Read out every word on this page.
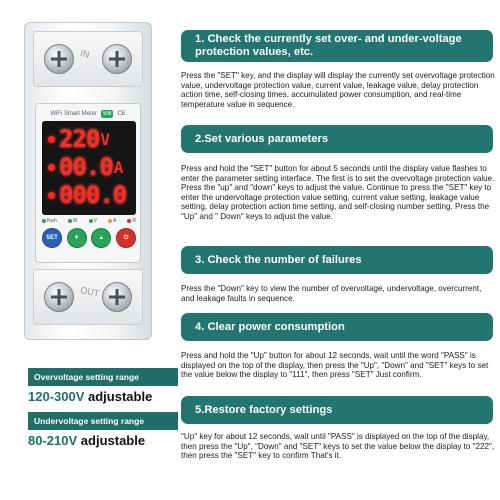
IN
WiFi Smart Meter	Wifi	CE
220 V
00.0 A
000.0
Kwh	W	V	A	R
SET	▼	▲	⏻
OUT
Overvoltage setting range
120-300V adjustable
Undervoltage setting range
80-210V adjustable
1. Check the currently set over- and under-voltage protection values, etc.
Press the "SET" key, and the display will display the currently set overvoltage protection value, undervoltage protection value, current value, leakage value, delay protection action time, self-closing times, accumulated power consumption, and real-time temperature value in sequence.
2.Set various parameters
Press and hold the "SET" button for about 5 seconds until the display value flashes to enter the parameter setting interface. The first is to set the overvoltage protection value. Press the "up" and "down" keys to adjust the value. Continue to press the "SET" key to enter the undervoltage protection value setting, current value setting, leakage value setting, delay protection action time setting, and self-closing number setting. Press the "Up" and " Down" keys to adjust the value.
3. Check the number of failures
Press the "Down" key to view the number of overvoltage, undervoltage, overcurrent, and leakage faults in sequence.
4. Clear power consumption
Press and hold the "Up" button for about 12 seconds, wait until the word "PASS" is displayed on the top of the display, then press the "Up", "Down" and "SET" keys to set the value below the display to "111", then press "SET" Just confirm.
5.Restore factory settings
"Up" key for about 12 seconds, wait until "PASS" is displayed on the top of the display, then press the "Up", "Down" and "SET" keys to set the value below the display to "222", then press the "SET" key to confirm That's it.
